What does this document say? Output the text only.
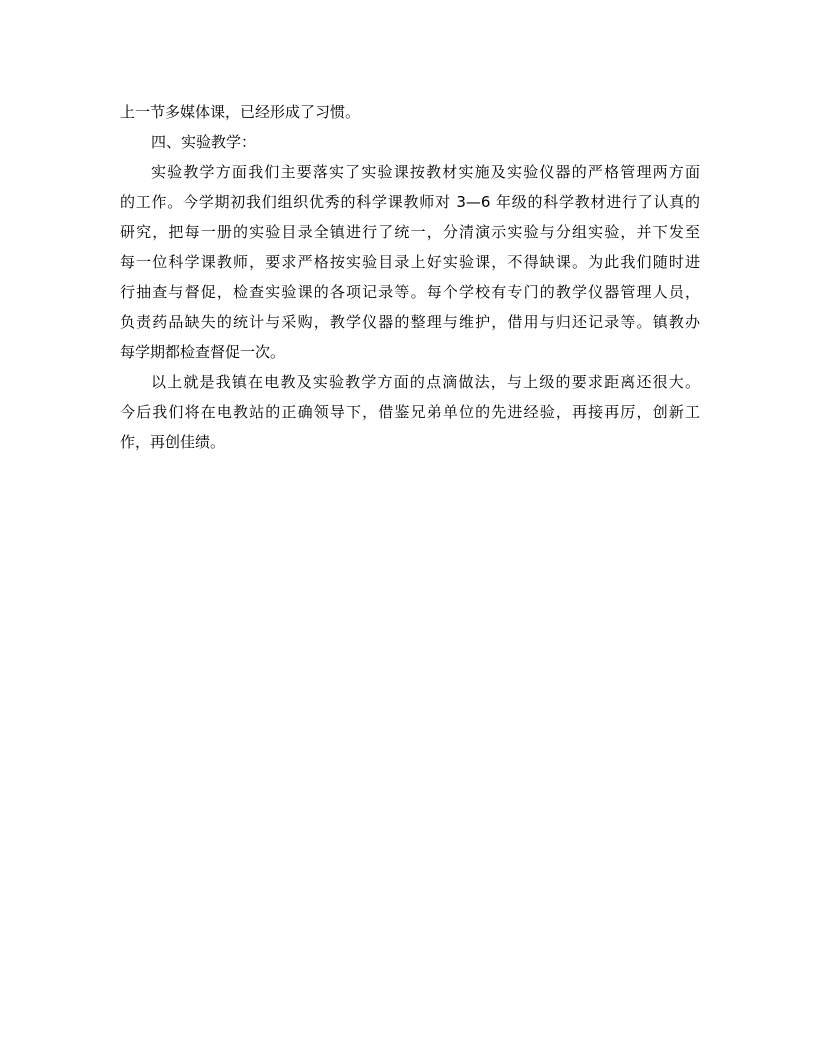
上一节多媒体课，已经形成了习惯。
四、实验教学：
实验教学方面我们主要落实了实验课按教材实施及实验仪器的严格管理两方面
的工作。今学期初我们组织优秀的科学课教师对 3—6 年级的科学教材进行了认真的
研究，把每一册的实验目录全镇进行了统一，分清演示实验与分组实验，并下发至
每一位科学课教师，要求严格按实验目录上好实验课，不得缺课。为此我们随时进
行抽查与督促，检查实验课的各项记录等。每个学校有专门的教学仪器管理人员，
负责药品缺失的统计与采购，教学仪器的整理与维护，借用与归还记录等。镇教办
每学期都检查督促一次。
以上就是我镇在电教及实验教学方面的点滴做法，与上级的要求距离还很大。
今后我们将在电教站的正确领导下，借鉴兄弟单位的先进经验，再接再厉，创新工
作，再创佳绩。
